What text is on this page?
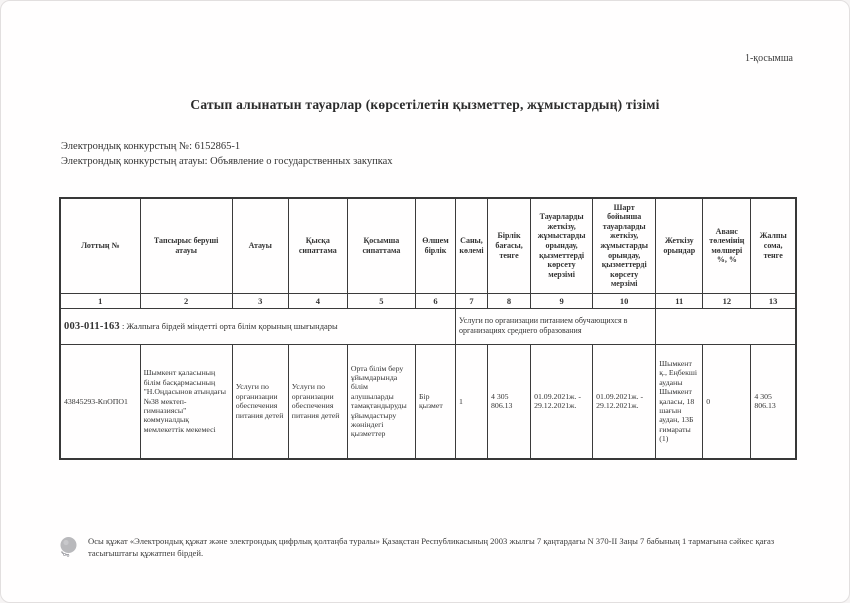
1-қосымша
Сатып алынатын тауарлар (көрсетілетін қызметтер, жұмыстардың) тізімі
Электрондық конкурстың №: 6152865-1
Электрондық конкурстың атауы: Объявление о государственных закупках
Лоттың №	Тапсырыс беруші атауы	Атауы	Қысқа сипаттама	Қосымша сипаттама	Өлшем бірлік	Саны, көлемі	Бірлік бағасы, тенге	Тауарларды жеткізу, жұмыстарды орындау, қызметтерді көрсету мерзімі	Шарт бойынша тауарларды жеткізу, жұмыстарды орындау, қызметтерді көрсету мерзімі	Жеткізу орындар	Аванс төлемінің мөлшері %, %	Жалпы сома, тенге
1	2	3	4	5	6	7	8	9	10	11	12	13
003-011-163 : Жалпыға бірдей міндетті орта білім қорының шығындары						Услуги по организации питанием обучающихся в организациях среднего образования						
43845293-КпОПО1	Шымкент қаласының білім басқармасының "Н.Оңдасынов атындағы №38 мектеп-гимназиясы" коммуналдық мемлекеттік мекемесі	Услуги по организации обеспечения питания детей	Услуги по организации обеспечения питания детей	Орта білім беру ұйымдарында білім алушыларды тамақтандыруды ұйымдастыру жөніндегі қызметтер	Бір қызмет	1	4 305 806.13	01.09.2021ж. - 29.12.2021ж.	01.09.2021ж. - 29.12.2021ж.	Шымкент қ., Еңбекші ауданы Шымкент қаласы, 18 шағын аудан, 13Б ғимараты (1)	0	4 305 806.13
Осы құжат «Электрондық құжат және электрондық цифрлық қолтаңба туралы» Қазақстан Республикасының 2003 жылғы 7 қаңтардағы N 370-II Заңы 7 бабының 1 тармағына сәйкес қағаз тасығыштағы құжатпен бірдей.
